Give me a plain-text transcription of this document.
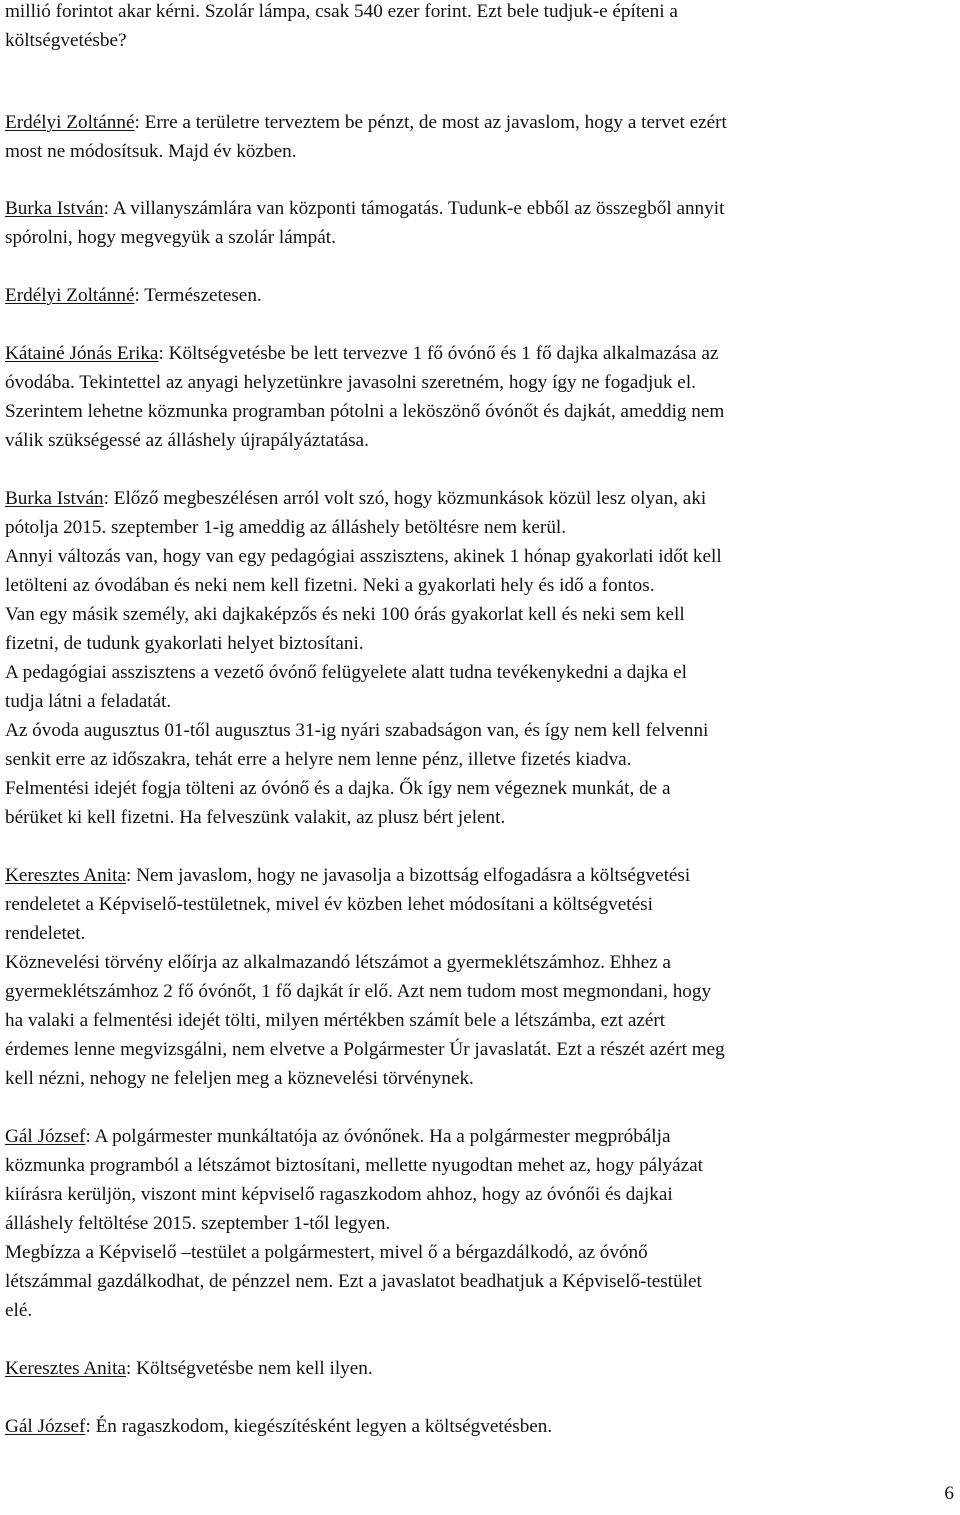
millió forintot akar kérni. Szolár lámpa, csak 540 ezer forint. Ezt bele tudjuk-e építeni a
költségvetésbe?
Erdélyi Zoltánné: Erre a területre terveztem be pénzt, de most az javaslom, hogy a tervet ezért
most ne módosítsuk. Majd év közben.
Burka István: A villanyszámlára van központi támogatás. Tudunk-e ebből az összegből annyit
spórolni, hogy megvegyük a szolár lámpát.
Erdélyi Zoltánné: Természetesen.
Kátainé Jónás Erika: Költségvetésbe be lett tervezve 1 fő óvónő és 1 fő dajka alkalmazása az
óvodába. Tekintettel az anyagi helyzetünkre javasolni szeretném, hogy így ne fogadjuk el.
Szerintem lehetne közmunka programban pótolni a leköszönő óvónőt és dajkát, ameddig nem
válik szükségessé az álláshely újrapályáztatása.
Burka István: Előző megbeszélésen arról volt szó, hogy közmunkások közül lesz olyan, aki
pótolja 2015. szeptember 1-ig ameddig az álláshely betöltésre nem kerül.
Annyi változás van, hogy van egy pedagógiai asszisztens, akinek 1 hónap gyakorlati időt kell
letölteni az óvodában és neki nem kell fizetni. Neki a gyakorlati hely és idő a fontos.
Van egy másik személy, aki dajkaképzős és neki 100 órás gyakorlat kell és neki sem kell
fizetni, de tudunk gyakorlati helyet biztosítani.
A pedagógiai asszisztens a vezető óvónő felügyelete alatt tudna tevékenykedni a dajka el
tudja látni a feladatát.
Az óvoda augusztus 01-től augusztus 31-ig nyári szabadságon van, és így nem kell felvenni
senkit erre az időszakra, tehát erre a helyre nem lenne pénz, illetve fizetés kiadva.
Felmentési idejét fogja tölteni az óvónő és a dajka. Ők így nem végeznek munkát, de a
bérüket ki kell fizetni. Ha felveszünk valakit, az plusz bért jelent.
Keresztes Anita: Nem javaslom, hogy ne javasolja a bizottság elfogadásra a költségvetési
rendeletet a Képviselő-testületnek, mivel év közben lehet módosítani a költségvetési
rendeletet.
Köznevelési törvény előírja az alkalmazandó létszámot a gyermeklétszámhoz. Ehhez a
gyermeklétszámhoz 2 fő óvónőt, 1 fő dajkát ír elő. Azt nem tudom most megmondani, hogy
ha valaki a felmentési idejét tölti, milyen mértékben számít bele a létszámba, ezt azért
érdemes lenne megvizsgálni, nem elvetve a Polgármester Úr javaslatát. Ezt a részét azért meg
kell nézni, nehogy ne feleljen meg a köznevelési törvénynek.
Gál József: A polgármester munkáltatója az óvónőnek. Ha a polgármester megpróbálja
közmunka programból a létszámot biztosítani, mellette nyugodtan mehet az, hogy pályázat
kiírásra kerüljön, viszont mint képviselő ragaszkodom ahhoz, hogy az óvónői és dajkai
álláshely feltöltése 2015. szeptember 1-től legyen.
Megbízza a Képviselő –testület a polgármestert, mivel ő a bérgazdálkodó, az óvónő
létszámmal gazdálkodhat, de pénzzel nem. Ezt a javaslatot beadhatjuk a Képviselő-testület
elé.
Keresztes Anita: Költségvetésbe nem kell ilyen.
Gál József: Én ragaszkodom, kiegészítésként legyen a költségvetésben.
6
